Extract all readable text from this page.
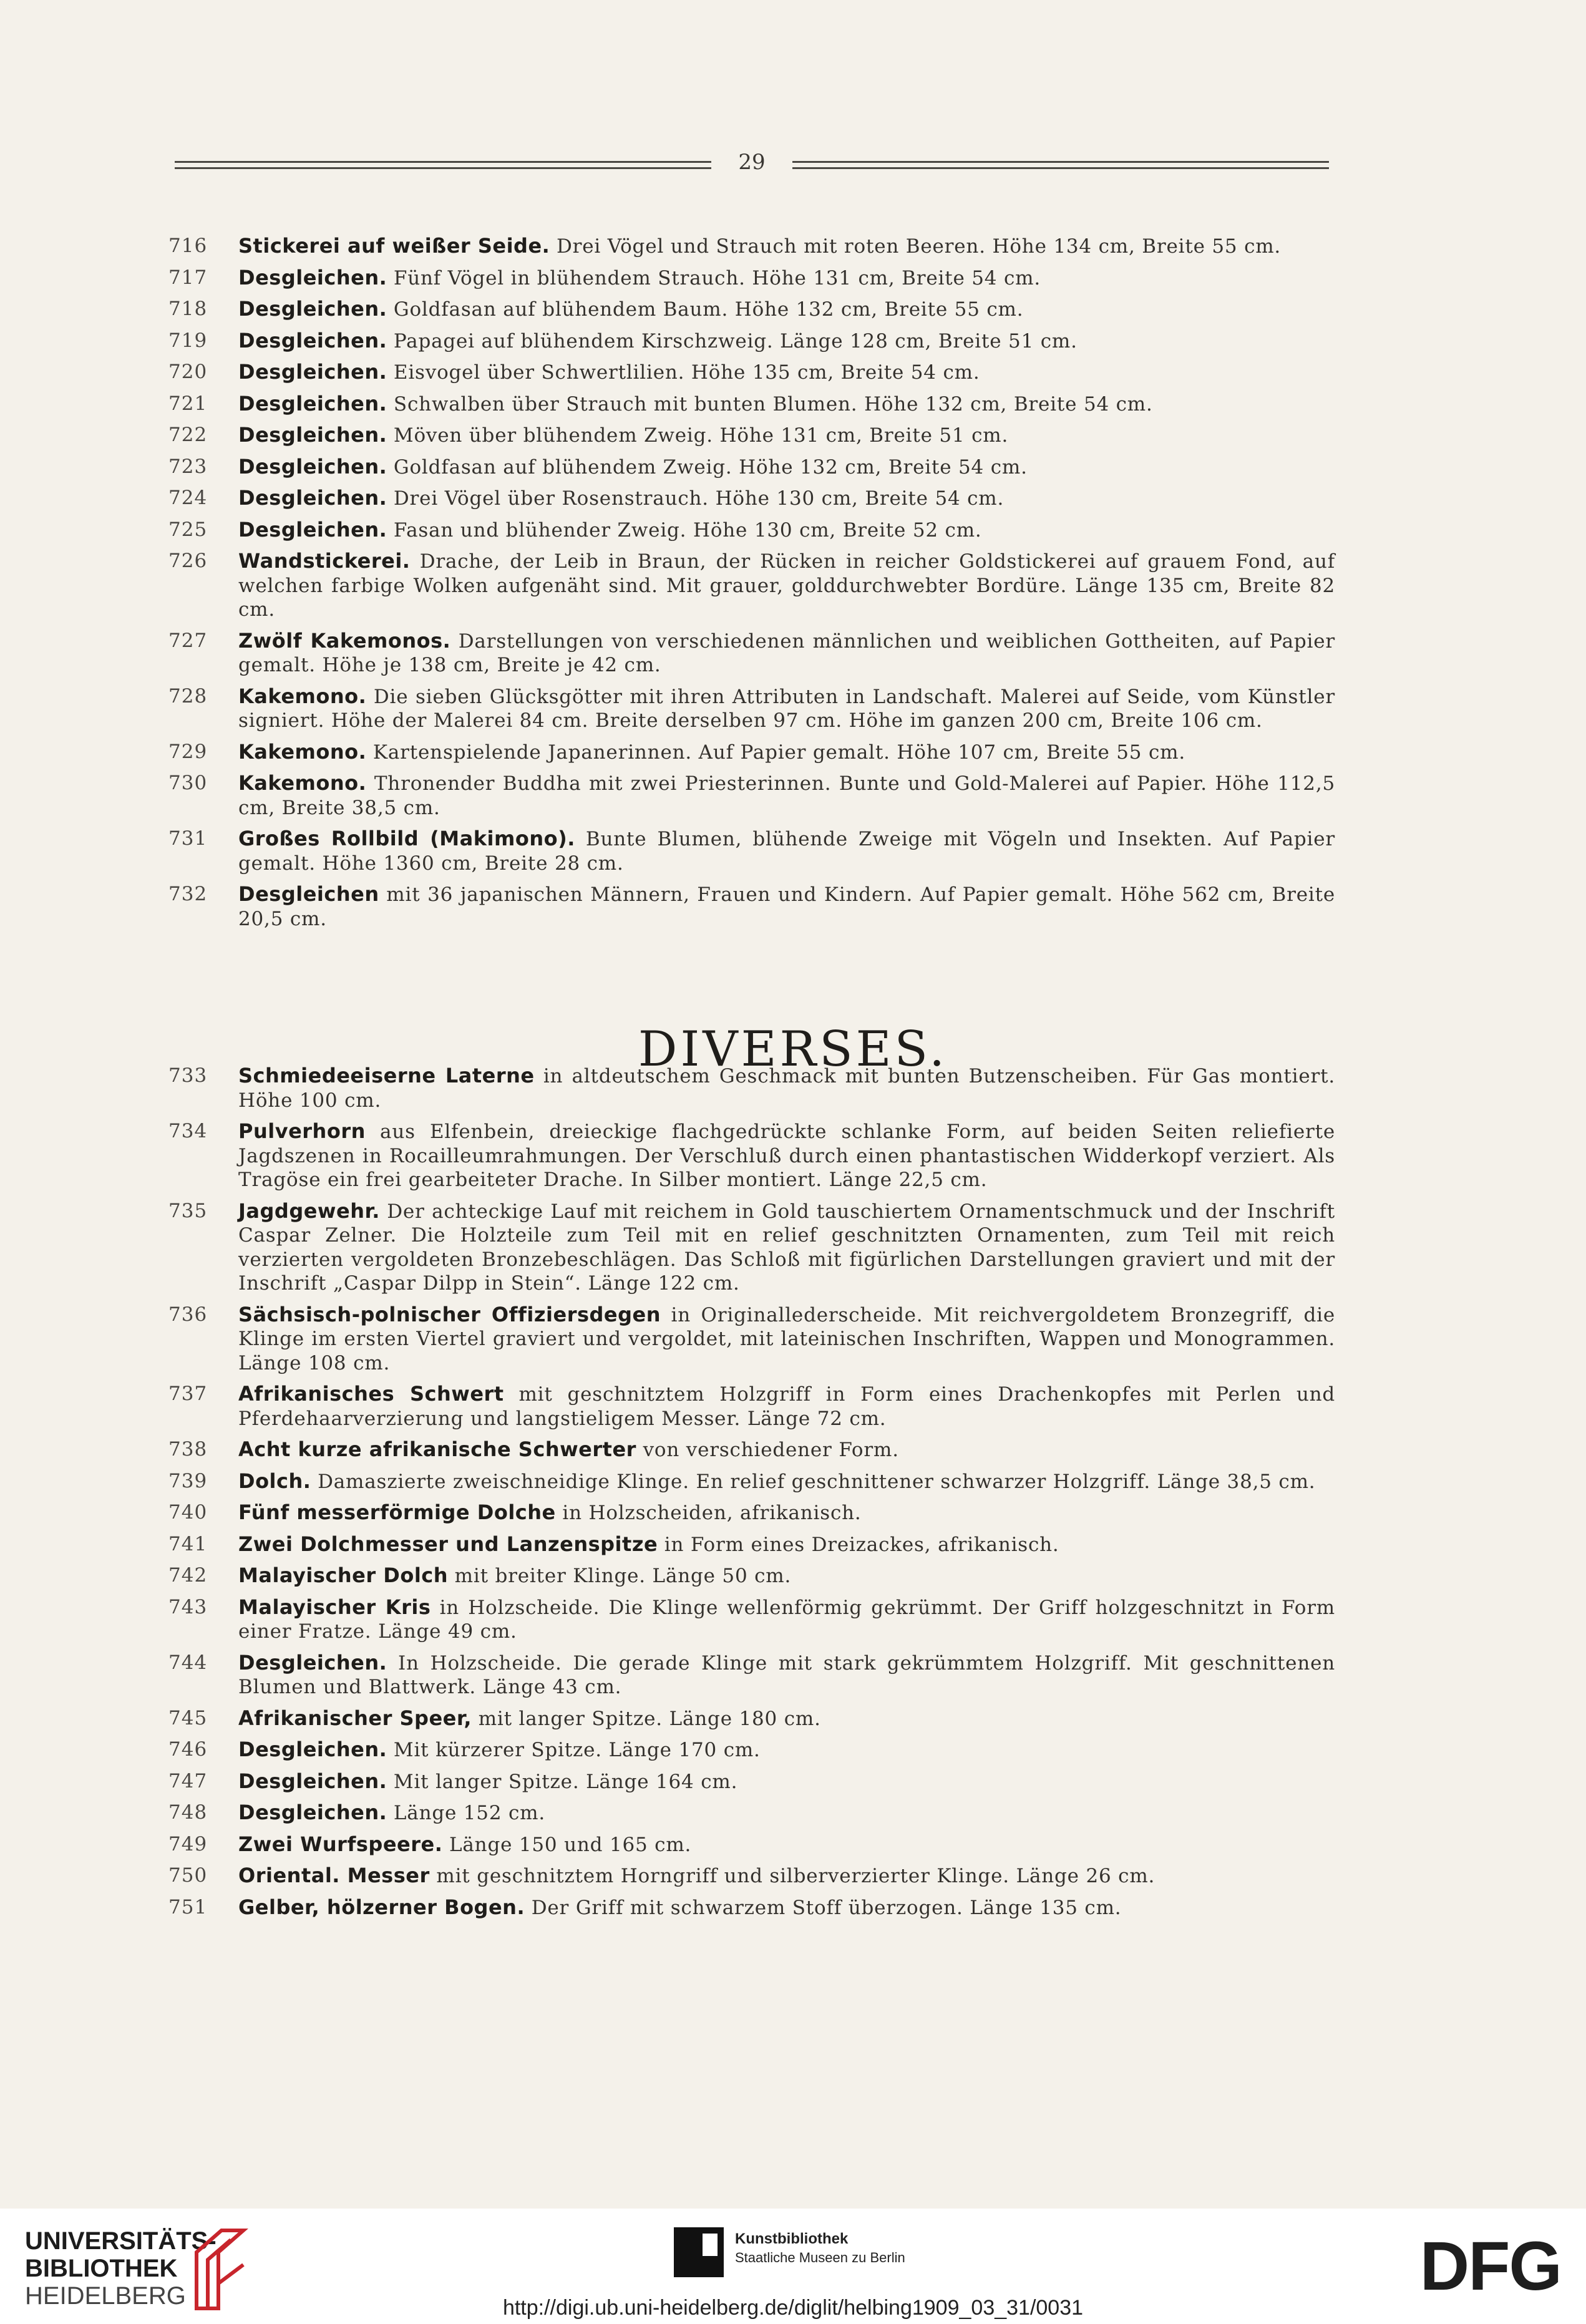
29
716	Stickerei auf weißer Seide. Drei Vögel und Strauch mit roten Beeren. Höhe 134 cm, Breite 55 cm.
717	Desgleichen. Fünf Vögel in blühendem Strauch. Höhe 131 cm, Breite 54 cm.
718	Desgleichen. Goldfasan auf blühendem Baum. Höhe 132 cm, Breite 55 cm.
719	Desgleichen. Papagei auf blühendem Kirschzweig. Länge 128 cm, Breite 51 cm.
720	Desgleichen. Eisvogel über Schwertlilien. Höhe 135 cm, Breite 54 cm.
721	Desgleichen. Schwalben über Strauch mit bunten Blumen. Höhe 132 cm, Breite 54 cm.
722	Desgleichen. Möven über blühendem Zweig. Höhe 131 cm, Breite 51 cm.
723	Desgleichen. Goldfasan auf blühendem Zweig. Höhe 132 cm, Breite 54 cm.
724	Desgleichen. Drei Vögel über Rosenstrauch. Höhe 130 cm, Breite 54 cm.
725	Desgleichen. Fasan und blühender Zweig. Höhe 130 cm, Breite 52 cm.
726	Wandstickerei. Drache, der Leib in Braun, der Rücken in reicher Goldstickerei auf grauem Fond, auf welchen farbige Wolken aufgenäht sind. Mit grauer, golddurchwebter Bordüre. Länge 135 cm, Breite 82 cm.
727	Zwölf Kakemonos. Darstellungen von verschiedenen männlichen und weiblichen Gottheiten, auf Papier gemalt. Höhe je 138 cm, Breite je 42 cm.
728	Kakemono. Die sieben Glücksgötter mit ihren Attributen in Landschaft. Malerei auf Seide, vom Künstler signiert. Höhe der Malerei 84 cm. Breite derselben 97 cm. Höhe im ganzen 200 cm, Breite 106 cm.
729	Kakemono. Kartenspielende Japanerinnen. Auf Papier gemalt. Höhe 107 cm, Breite 55 cm.
730	Kakemono. Thronender Buddha mit zwei Priesterinnen. Bunte und Gold-Malerei auf Papier. Höhe 112,5 cm, Breite 38,5 cm.
731	Großes Rollbild (Makimono). Bunte Blumen, blühende Zweige mit Vögeln und Insekten. Auf Papier gemalt. Höhe 1360 cm, Breite 28 cm.
732	Desgleichen mit 36 japanischen Männern, Frauen und Kindern. Auf Papier gemalt. Höhe 562 cm, Breite 20,5 cm.
DIVERSES.
733	Schmiedeeiserne Laterne in altdeutschem Geschmack mit bunten Butzenscheiben. Für Gas montiert. Höhe 100 cm.
734	Pulverhorn aus Elfenbein, dreieckige flachgedrückte schlanke Form, auf beiden Seiten reliefierte Jagdszenen in Rocailleumrahmungen. Der Verschluß durch einen phantastischen Widderkopf verziert. Als Tragöse ein frei gearbeiteter Drache. In Silber montiert. Länge 22,5 cm.
735	Jagdgewehr. Der achteckige Lauf mit reichem in Gold tauschiertem Ornamentschmuck und der Inschrift Caspar Zelner. Die Holzteile zum Teil mit en relief geschnitzten Ornamenten, zum Teil mit reich verzierten vergoldeten Bronzebeschlägen. Das Schloß mit figürlichen Darstellungen graviert und mit der Inschrift „Caspar Dilpp in Stein“. Länge 122 cm.
736	Sächsisch-polnischer Offiziersdegen in Originallederscheide. Mit reichvergoldetem Bronzegriff, die Klinge im ersten Viertel graviert und vergoldet, mit lateinischen Inschriften, Wappen und Monogrammen. Länge 108 cm.
737	Afrikanisches Schwert mit geschnitztem Holzgriff in Form eines Drachenkopfes mit Perlen und Pferdehaarverzierung und langstieligem Messer. Länge 72 cm.
738	Acht kurze afrikanische Schwerter von verschiedener Form.
739	Dolch. Damaszierte zweischneidige Klinge. En relief geschnittener schwarzer Holzgriff. Länge 38,5 cm.
740	Fünf messerförmige Dolche in Holzscheiden, afrikanisch.
741	Zwei Dolchmesser und Lanzenspitze in Form eines Dreizackes, afrikanisch.
742	Malayischer Dolch mit breiter Klinge. Länge 50 cm.
743	Malayischer Kris in Holzscheide. Die Klinge wellenförmig gekrümmt. Der Griff holzgeschnitzt in Form einer Fratze. Länge 49 cm.
744	Desgleichen. In Holzscheide. Die gerade Klinge mit stark gekrümmtem Holzgriff. Mit geschnittenen Blumen und Blattwerk. Länge 43 cm.
745	Afrikanischer Speer, mit langer Spitze. Länge 180 cm.
746	Desgleichen. Mit kürzerer Spitze. Länge 170 cm.
747	Desgleichen. Mit langer Spitze. Länge 164 cm.
748	Desgleichen. Länge 152 cm.
749	Zwei Wurfspeere. Länge 150 und 165 cm.
750	Oriental. Messer mit geschnitztem Horngriff und silberverzierter Klinge. Länge 26 cm.
751	Gelber, hölzerner Bogen. Der Griff mit schwarzem Stoff überzogen. Länge 135 cm.
UNIVERSITÄTS-
BIBLIOTHEK
HEIDELBERG
Kunstbibliothek
Staatliche Museen zu Berlin	DFG
http://digi.ub.uni-heidelberg.de/diglit/helbing1909_03_31/0031
